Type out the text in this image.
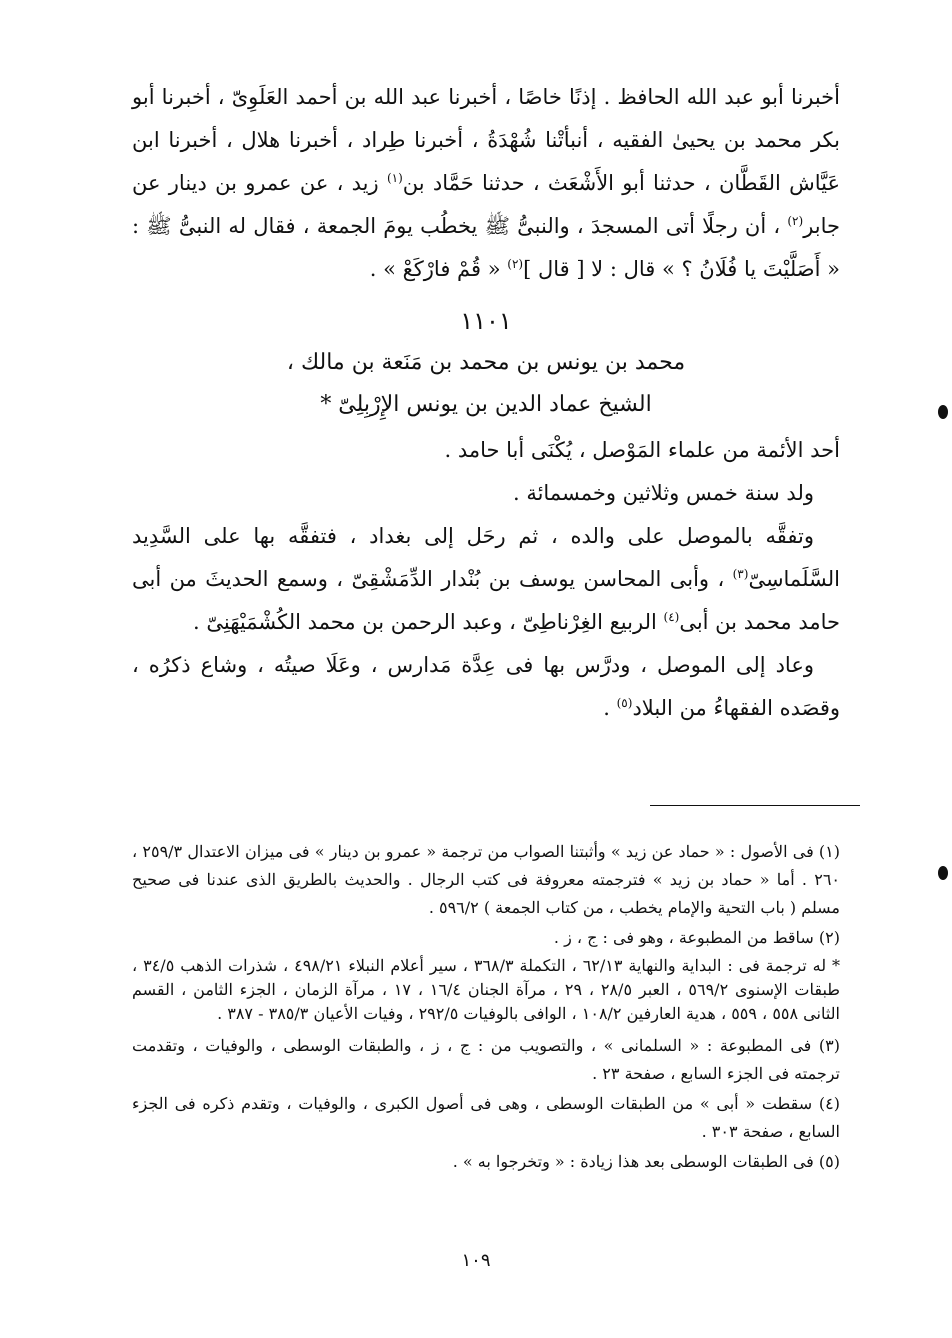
أخبرنا أبو عبد الله الحافظ . إذنًا خاصًا ، أخبرنا عبد الله بن أحمد العَلَوِىّ ، أخبرنا أبو بكر محمد بن يحيىٰ الفقيه ، أنبأتْنا شُهْدَةُ ، أخبرنا طِراد ، أخبرنا هلال ، أخبرنا ابن عَيَّاش القَطَّان ، حدثنا أبو الأَشْعَث ، حدثنا حَمَّاد بن$^{(١)}$ زيد ، عن عمرو بن دينار عن جابر$^{(٢)}$ ، أن رجلًا أتى المسجدَ ، والنبىُّ ﷺ يخطُب يومَ الجمعة ، فقال له النبىُّ ﷺ : « أَصَلَّيْتَ يا فُلَانُ ؟ » قال : لا [ قال ]$^{(٢)}$ « قُمْ فارْكَعْ » .

١١٠١
محمد بن يونس بن محمد بن مَنَعة بن مالك ،
الشيخ عماد الدين بن يونس الإِرْبِلِىّ *

أحد الأئمة من علماء المَوْصل ، يُكْنَى أبا حامد .

ولد سنة خمس وثلاثين وخمسمائة .

وتفقَّه بالموصل على والده ، ثم رحَل إلى بغداد ، فتفقَّه بها على السَّدِيد السَّلَماسِىّ$^{(٣)}$ ، وأبى المحاسن يوسف بن بُنْدار الدِّمَشْقِىّ ، وسمع الحديثَ من أبى حامد محمد بن أبى$^{(٤)}$ الربيع الغِرْناطِىّ ، وعبد الرحمن بن محمد الكُشْمَيْهَنِىّ .

وعاد إلى الموصل ، ودرَّس بها فى عِدَّة مَدارس ، وعَلَا صيتُه ، وشاع ذكرُه ، وقصَده الفقهاءُ من البلاد$^{(٥)}$ .

(١) فى الأصول : « حماد عن زيد » وأثبتنا الصواب من ترجمة « عمرو بن دينار » فى ميزان الاعتدال ٢٥٩/٣ ، ٢٦٠ . أما « حماد بن زيد » فترجمته معروفة فى كتب الرجال . والحديث بالطريق الذى عندنا فى صحيح مسلم ( باب التحية والإمام يخطب ، من كتاب الجمعة ) ٥٩٦/٢ .

(٢) ساقط من المطبوعة ، وهو فى : ج ، ز .

* له ترجمة فى : البداية والنهاية ٦٢/١٣ ، التكملة ٣٦٨/٣ ، سير أعلام النبلاء ٤٩٨/٢١ ، شذرات الذهب ٣٤/٥ ، طبقات الإسنوى ٥٦٩/٢ ، العبر ٢٨/٥ ، ٢٩ ، مرآة الجنان ١٦/٤ ، ١٧ ، مرآة الزمان ، الجزء الثامن ، القسم الثانى ٥٥٨ ، ٥٥٩ ، هدية العارفين ١٠٨/٢ ، الوافى بالوفيات ٢٩٢/٥ ، وفيات الأعيان ٣٨٥/٣ - ٣٨٧ .

(٣) فى المطبوعة : « السلمانى » ، والتصويب من : ج ، ز ، والطبقات الوسطى ، والوفيات ، وتقدمت ترجمته فى الجزء السابع ، صفحة ٢٣ .

(٤) سقطت « أبى » من الطبقات الوسطى ، وهى فى أصول الكبرى ، والوفيات ، وتقدم ذكره فى الجزء السابع ، صفحة ٣٠٣ .

(٥) فى الطبقات الوسطى بعد هذا زيادة : « وتخرجوا به » .

١٠٩
